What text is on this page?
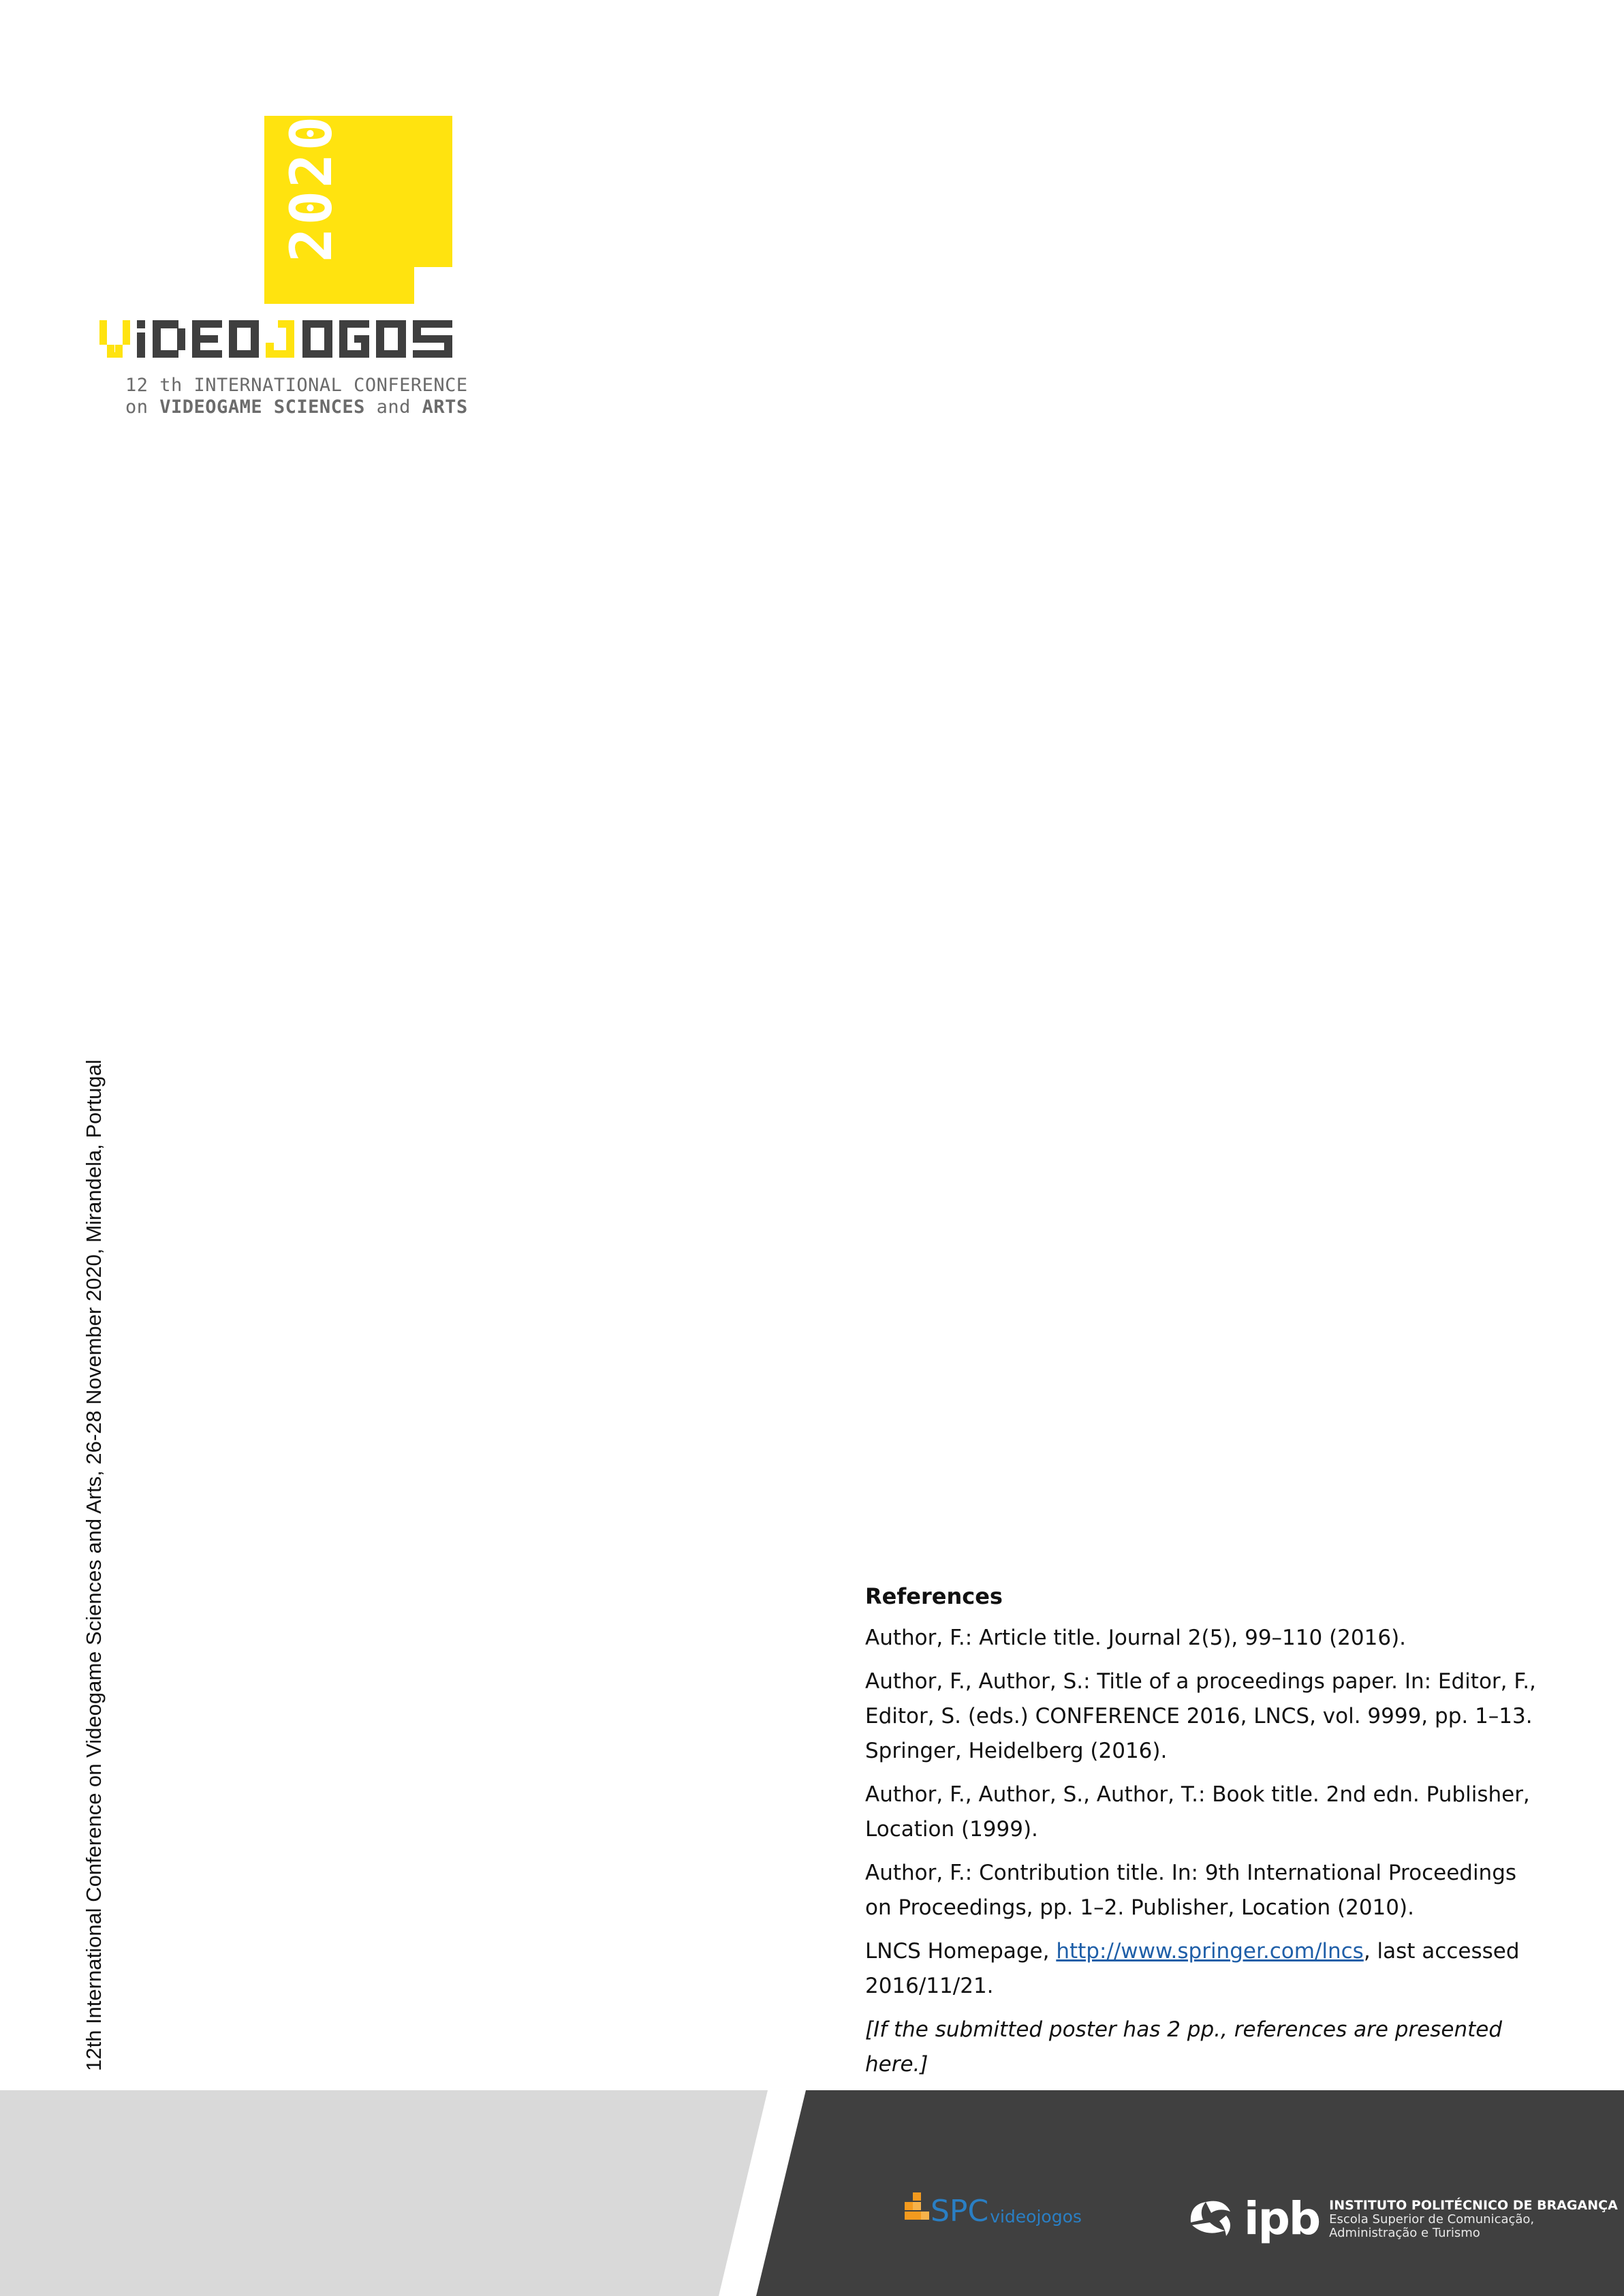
2020
12 th INTERNATIONAL CONFERENCE
on VIDEOGAME SCIENCES and ARTS
12th International Conference on Videogame Sciences and Arts, 26-28 November 2020, Mirandela, Portugal	References
Author, F.: Article title. Journal 2(5), 99–110 (2016).
Author, F., Author, S.: Title of a proceedings paper. In: Editor, F., Editor, S. (eds.) CONFERENCE 2016, LNCS, vol. 9999, pp. 1–13. Springer, Heidelberg (2016).
Author, F., Author, S., Author, T.: Book title. 2nd edn. Publisher, Location (1999).
Author, F.: Contribution title. In: 9th International Proceedings on Proceedings, pp. 1–2. Publisher, Location (2010).
LNCS Homepage, http://www.springer.com/lncs, last accessed 2016/11/21.
[If the submitted poster has 2 pp., references are presented here.]
SPC videojogos	ipb INSTITUTO POLITÉCNICO DE BRAGANÇA
Escola Superior de Comunicação,
Administração e Turismo
